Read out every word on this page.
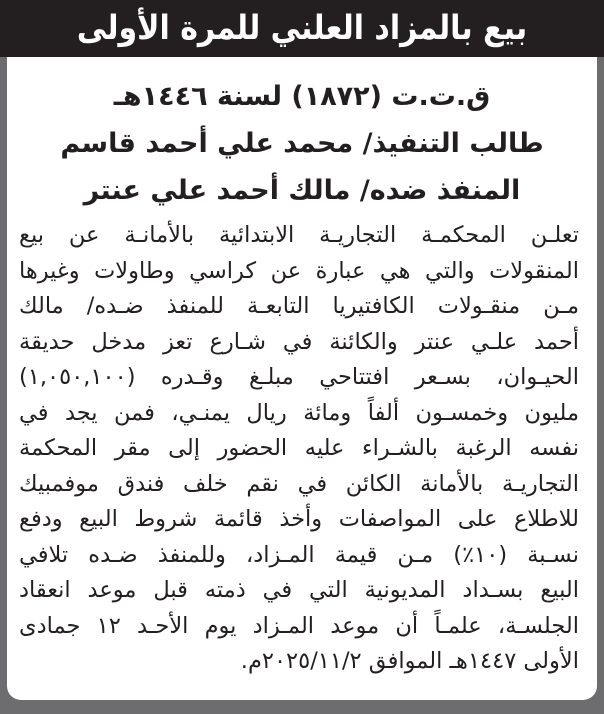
بيع بالمزاد العلني للمرة الأولى

ق.ت.ت (١٨٧٢) لسنة ١٤٤٦هـ

طالب التنفيذ/ محمد علي أحمد قاسم

المنفذ ضده/ مالك أحمد علي عنتر

تعلـن المحكمـة التجاريـة الابتدائية بالأمانـة عن بيع
المنقولات والتي هي عبارة عن كراسي وطاولات وغيرها
مـن منقـولات الكافتيريا التابعـة للمنفذ ضـده/ مالك
أحمد علـي عنتر والكائنة في شـارع تعز مدخل حديقة
الحيـوان، بسـعر افتتاحي مبلـغ وقـدره (١,٠٥٠,١٠٠)
مليون وخمسـون ألفاً ومائة ريال يمنـي، فمن يجد في
نفسه الرغبة بالشـراء عليه الحضور إلى مقر المحكمة
التجاريـة بالأمانة الكائن في نقم خلف فندق موفمبيك
للاطلاع على المواصفات وأخذ قائمة شروط البيع ودفع
نسـبة (١٠٪) مـن قيمة المـزاد، وللمنفذ ضـده تلافي
البيع بسـداد المديونية التي في ذمته قبل موعد انعقاد
الجلسـة، علمـاً أن موعد المـزاد يوم الأحـد ١٢ جمادى
الأولى ١٤٤٧هـ الموافق ٢٠٢٥/١١/٢م.
